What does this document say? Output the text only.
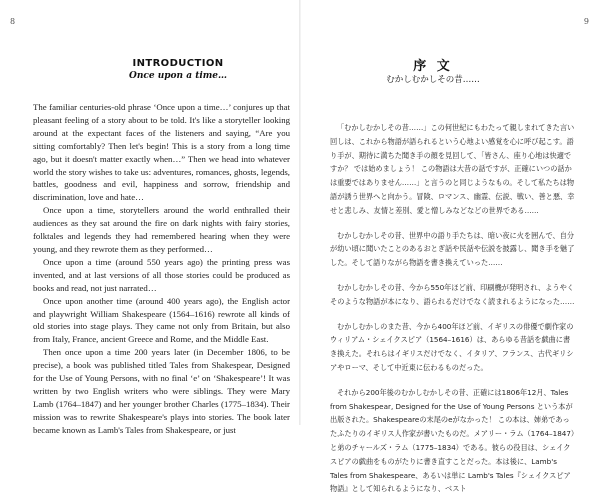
8
INTRODUCTION
Once upon a time…

The familiar centuries-old phrase ‘Once upon a time…’ conjures up that pleasant feeling of a story about to be told. It's like a storyteller looking around at the expectant faces of the listeners and saying, “Are you sitting comfortably? Then let's begin! This is a story from a long time ago, but it doesn't matter exactly when…” Then we head into whatever world the story wishes to take us: adventures, romances, ghosts, legends, battles, goodness and evil, happiness and sorrow, friendship and discrimination, love and hate…

Once upon a time, storytellers around the world enthralled their audiences as they sat around the fire on dark nights with fairy stories, folktales and legends they had remembered hearing when they were young, and they rewrote them as they performed…

Once upon a time (around 550 years ago) the printing press was invented, and at last versions of all those stories could be produced as books and read, not just narrated…

Once upon another time (around 400 years ago), the English actor and playwright William Shakespeare (1564–1616) rewrote all kinds of old stories into stage plays. They came not only from Britain, but also from Italy, France, ancient Greece and Rome, and the Middle East.

Then once upon a time 200 years later (in December 1806, to be precise), a book was published titled Tales from Shakespear, Designed for the Use of Young Persons, with no final ‘e’ on ‘Shakespeare’! It was written by two English writers who were siblings. They were Mary Lamb (1764–1847) and her younger brother Charles (1775–1834). Their mission was to rewrite Shakespeare's plays into stories. The book later became known as Lamb's Tales from Shakespeare, or just

9
序 文
むかしむかしその昔……

「むかしむかしその昔……」この何世紀にもわたって親しまれてきた言い回しは、これから物語が語られるという心地よい感覚を心に呼び起こす。語り手が、期待に満ちた聞き手の顔を見回して、「皆さん、座り心地は快適ですか？ では始めましょう！ この物語は大昔の話ですが、正確にいつの話かは重要ではありません……」と言うのと同じようなもの。そして私たちは物語が誘う世界へと向かう。冒険、ロマンス、幽霊、伝説、戦い、善と悪、幸せと悲しみ、友情と差別、愛と憎しみなどなどの世界である……

むかしむかしその昔、世界中の語り手たちは、暗い夜に火を囲んで、自分が幼い頃に聞いたことのあるおとぎ話や民話や伝説を披露し、聞き手を魅了した。そして語りながら物語を書き換えていった……

むかしむかしその昔、今から550年ほど前、印刷機が発明され、ようやくそのような物語が本になり、語られるだけでなく読まれるようになった……

むかしむかしのまた昔、今から400年ほど前、イギリスの俳優で劇作家のウィリアム・シェイクスピア（1564–1616）は、あらゆる昔話を戯曲に書き換えた。それらはイギリスだけでなく、イタリア、フランス、古代ギリシアやローマ、そして中近東に伝わるものだった。

それから200年後のむかしむかしその昔、正確には1806年12月、Tales from Shakespear, Designed for the Use of Young Persons という本が出版された。Shakespeareの末尾のeがなかった！ この本は、姉弟であったふたりのイギリス人作家が書いたものだ。メアリー・ラム（1764–1847）と弟のチャールズ・ラム（1775–1834）である。彼らの役目は、シェイクスピアの戯曲をものがたりに書き直すことだった。本は後に、Lamb's Tales from Shakespeare、あるいは単に Lamb's Tales『シェイクスピア物語』として知られるようになり、ベスト
